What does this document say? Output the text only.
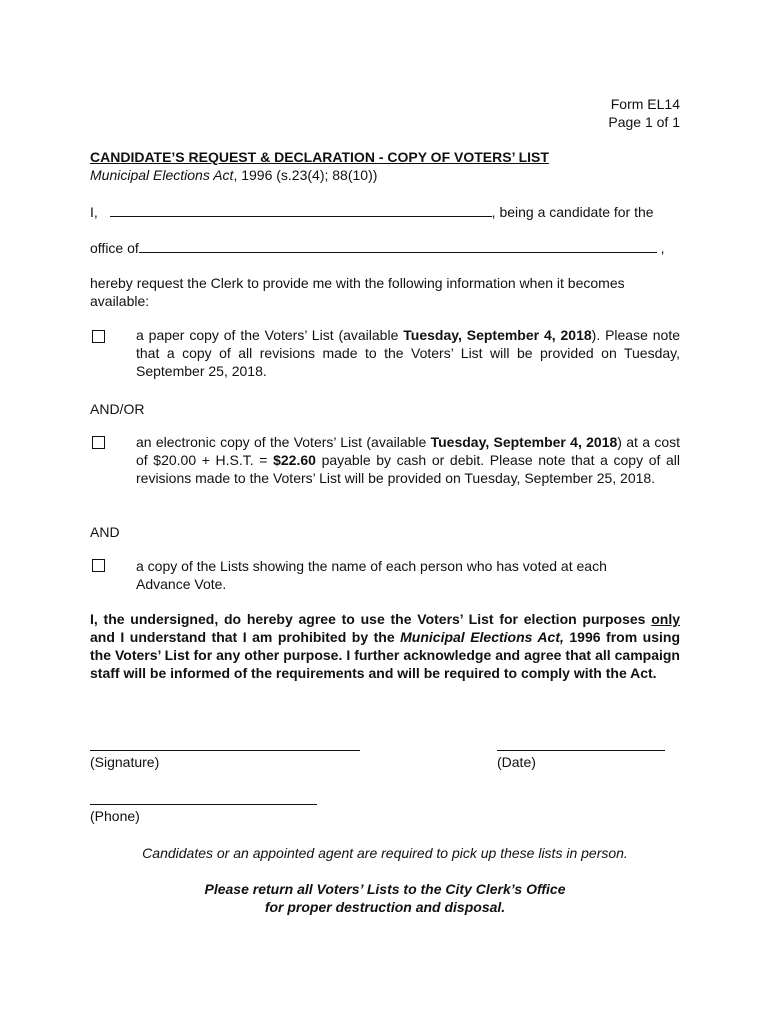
Form EL14
Page 1 of 1
CANDIDATE’S REQUEST & DECLARATION - COPY OF VOTERS’ LIST
Municipal Elections Act, 1996 (s.23(4); 88(10))
I,	, being a candidate for the
office of	,
hereby request the Clerk to provide me with the following information when it becomes available:
a paper copy of the Voters’ List (available Tuesday, September 4, 2018). Please note that a copy of all revisions made to the Voters’ List will be provided on Tuesday, September 25, 2018.
AND/OR
an electronic copy of the Voters’ List (available Tuesday, September 4, 2018) at a cost of $20.00 + H.S.T. = $22.60 payable by cash or debit. Please note that a copy of all revisions made to the Voters’ List will be provided on Tuesday, September 25, 2018.
AND
a copy of the Lists showing the name of each person who has voted at each Advance Vote.
I, the undersigned, do hereby agree to use the Voters’ List for election purposes only and I understand that I am prohibited by the Municipal Elections Act, 1996 from using the Voters’ List for any other purpose. I further acknowledge and agree that all campaign staff will be informed of the requirements and will be required to comply with the Act.
(Signature)	(Date)
(Phone)
Candidates or an appointed agent are required to pick up these lists in person.
Please return all Voters’ Lists to the City Clerk’s Office
for proper destruction and disposal.
